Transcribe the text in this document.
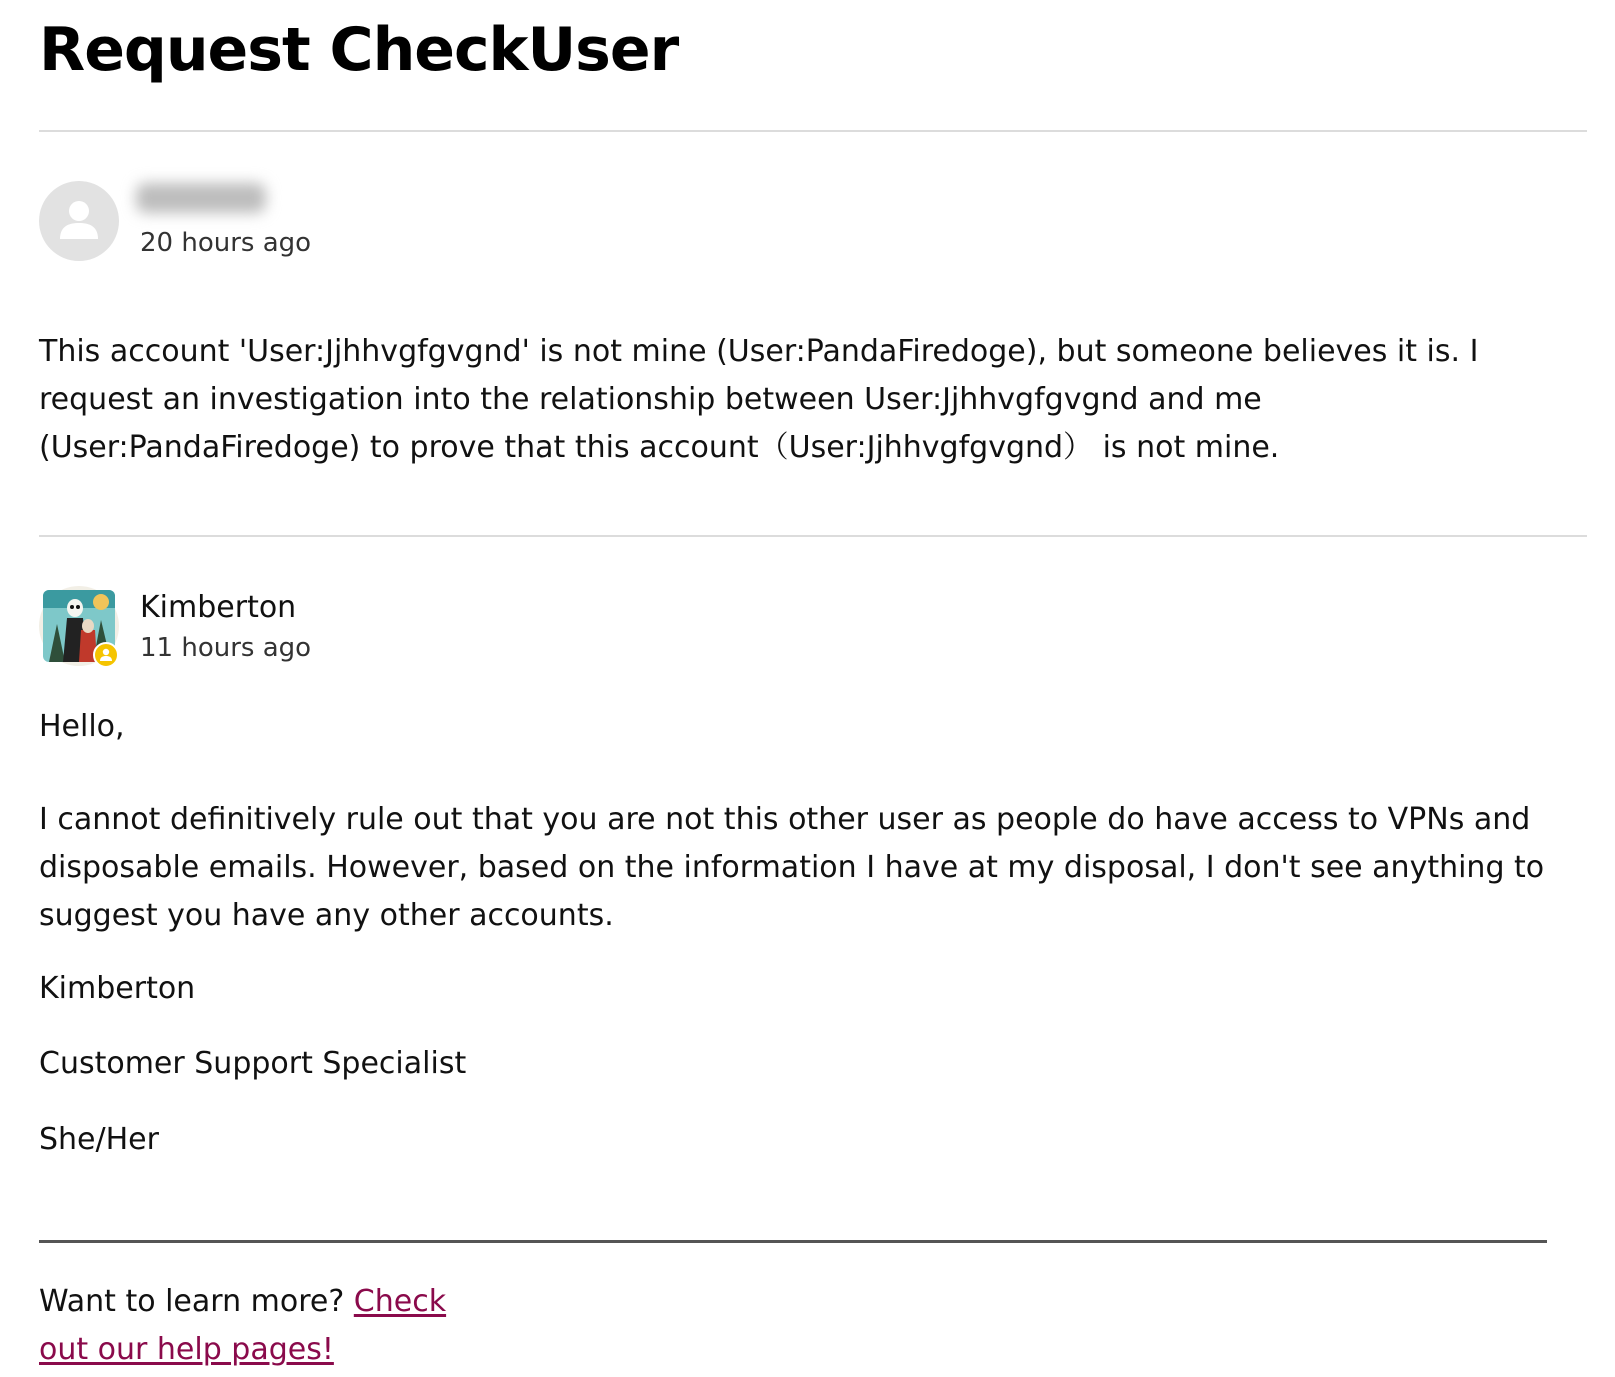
Request CheckUser
20 hours ago

This account 'User:Jjhhvgfgvgnd' is not mine (User:PandaFiredoge), but someone believes it is. I request an investigation into the relationship between User:Jjhhvgfgvgnd and me (User:PandaFiredoge) to prove that this account（User:Jjhhvgfgvgnd） is not mine.

Kimberton
11 hours ago

Hello,

I cannot definitively rule out that you are not this other user as people do have access to VPNs and disposable emails. However, based on the information I have at my disposal, I don't see anything to suggest you have any other accounts.

Kimberton

Customer Support Specialist

She/Her

Want to learn more? Check out our help pages!
